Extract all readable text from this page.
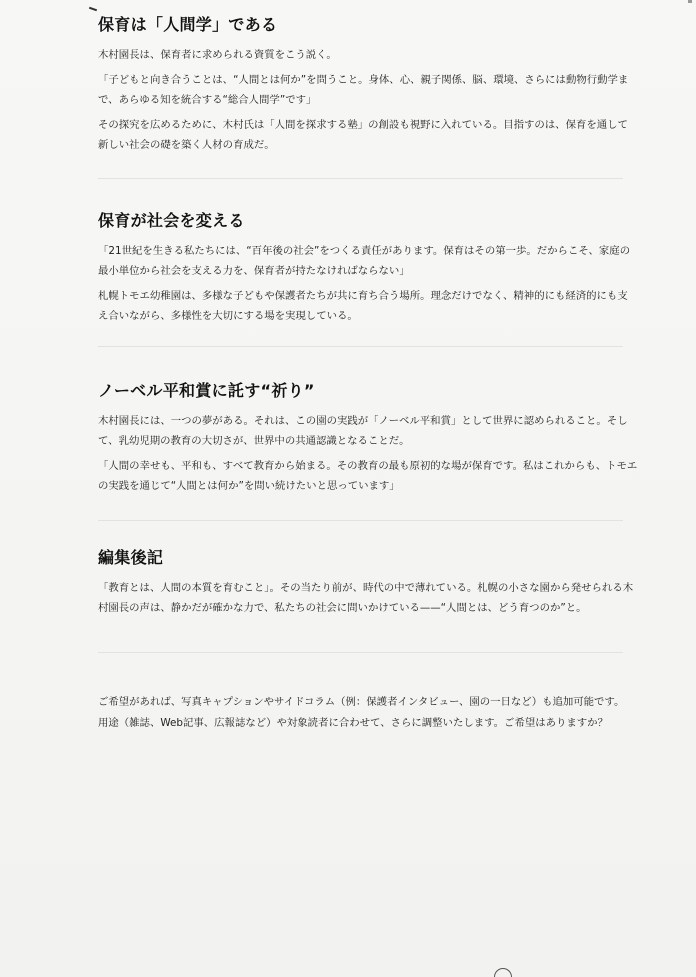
保育は「人間学」である

木村園長は、保育者に求められる資質をこう説く。

「子どもと向き合うことは、“人間とは何か”を問うこと。身体、心、親子関係、脳、環境、さらには動物行動学まで、あらゆる知を統合する“総合人間学”です」

その探究を広めるために、木村氏は「人間を探求する塾」の創設も視野に入れている。目指すのは、保育を通して新しい社会の礎を築く人材の育成だ。

保育が社会を変える

「21世紀を生きる私たちには、“百年後の社会”をつくる責任があります。保育はその第一歩。だからこそ、家庭の最小単位から社会を支える力を、保育者が持たなければならない」

札幌トモエ幼稚園は、多様な子どもや保護者たちが共に育ち合う場所。理念だけでなく、精神的にも経済的にも支え合いながら、多様性を大切にする場を実現している。

ノーベル平和賞に託す“祈り”

木村園長には、一つの夢がある。それは、この園の実践が「ノーベル平和賞」として世界に認められること。そして、乳幼児期の教育の大切さが、世界中の共通認識となることだ。

「人間の幸せも、平和も、すべて教育から始まる。その教育の最も原初的な場が保育です。私はこれからも、トモエの実践を通じて“人間とは何か”を問い続けたいと思っています」

編集後記

「教育とは、人間の本質を育むこと」。その当たり前が、時代の中で薄れている。札幌の小さな園から発せられる木村園長の声は、静かだが確かな力で、私たちの社会に問いかけている——“人間とは、どう育つのか”と。

ご希望があれば、写真キャプションやサイドコラム（例：保護者インタビュー、園の一日など）も追加可能です。用途（雑誌、Web記事、広報誌など）や対象読者に合わせて、さらに調整いたします。ご希望はありますか？
